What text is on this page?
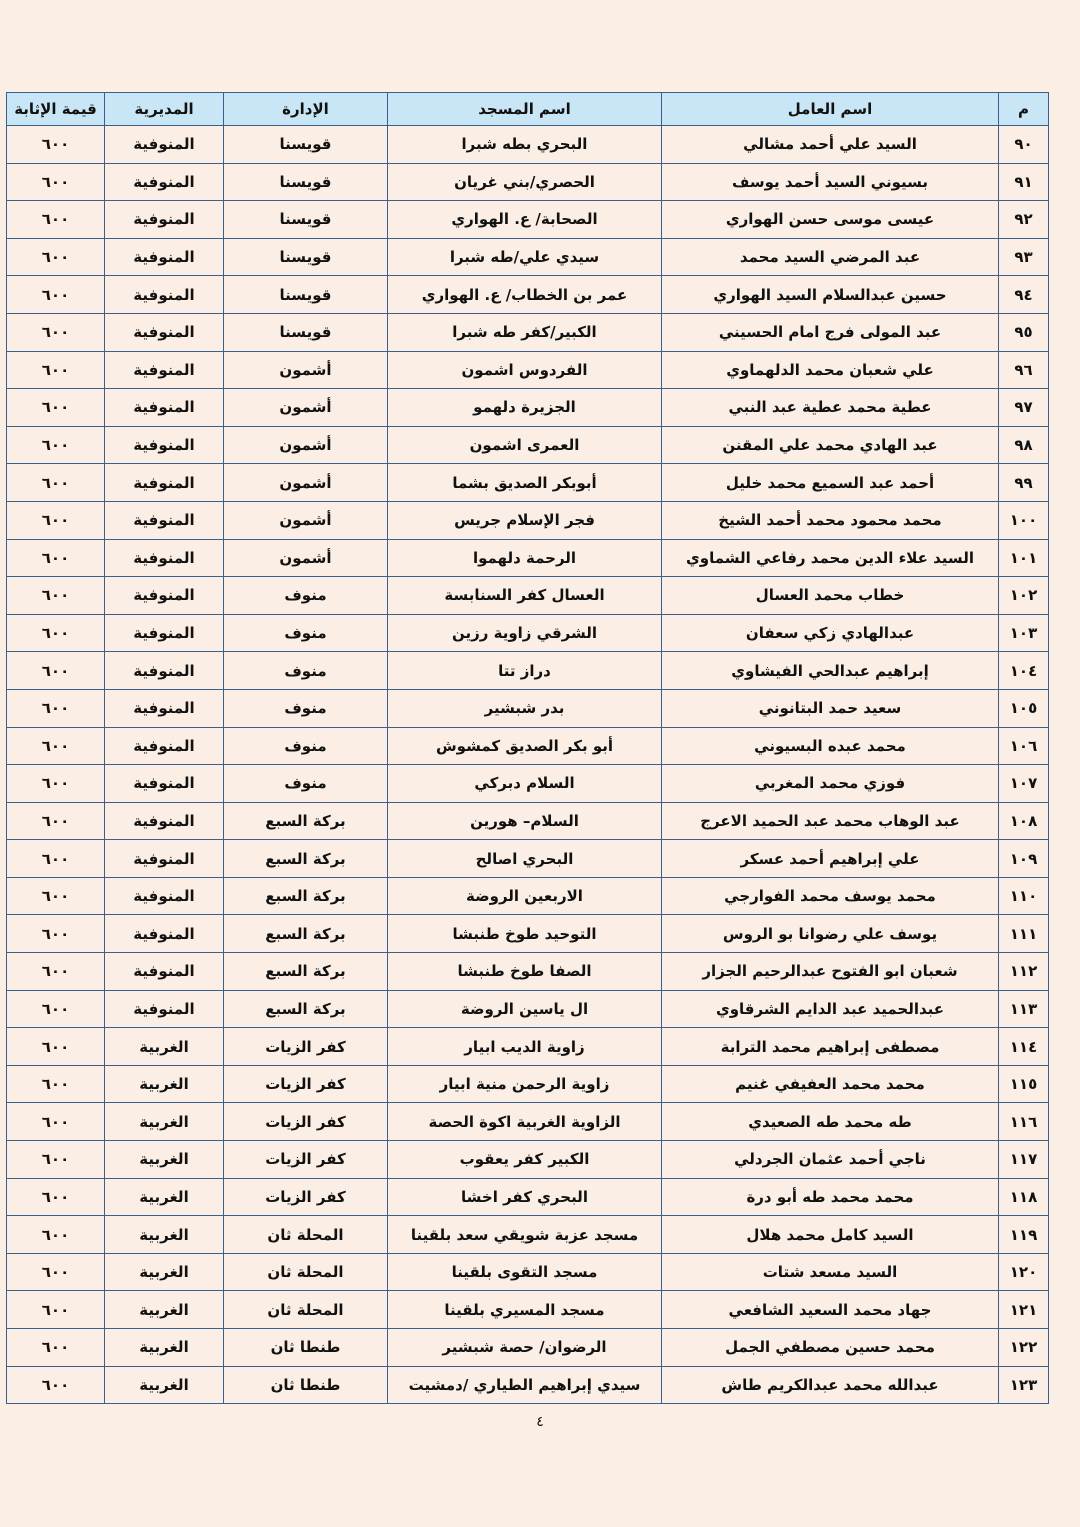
م	اسم العامل	اسم المسجد	الإدارة	المديرية	قيمة الإثابة
٩٠	السيد علي أحمد مشالي	البحري بطه شبرا	قويسنا	المنوفية	٦٠٠
٩١	بسيوني السيد أحمد يوسف	الحصري/بني غريان	قويسنا	المنوفية	٦٠٠
٩٢	عيسى موسى حسن الهواري	الصحابة/ ع. الهواري	قويسنا	المنوفية	٦٠٠
٩٣	عبد المرضي السيد محمد	سيدي علي/طه شبرا	قويسنا	المنوفية	٦٠٠
٩٤	حسين عبدالسلام السيد الهواري	عمر بن الخطاب/ ع. الهواري	قويسنا	المنوفية	٦٠٠
٩٥	عبد المولى فرج امام الحسيني	الكبير/كفر طه شبرا	قويسنا	المنوفية	٦٠٠
٩٦	علي شعبان محمد الدلهماوي	الفردوس اشمون	أشمون	المنوفية	٦٠٠
٩٧	عطية محمد عطية عبد النبي	الجزيرة دلهمو	أشمون	المنوفية	٦٠٠
٩٨	عبد الهادي محمد علي المقنن	العمرى اشمون	أشمون	المنوفية	٦٠٠
٩٩	أحمد عبد السميع محمد خليل	أبوبكر الصديق بشما	أشمون	المنوفية	٦٠٠
١٠٠	محمد محمود محمد أحمد الشيخ	فجر الإسلام جريس	أشمون	المنوفية	٦٠٠
١٠١	السيد علاء الدين محمد رفاعي الشماوي	الرحمة دلهموا	أشمون	المنوفية	٦٠٠
١٠٢	خطاب محمد العسال	العسال كفر السنابسة	منوف	المنوفية	٦٠٠
١٠٣	عبدالهادي زكي سعفان	الشرقي زاوية رزين	منوف	المنوفية	٦٠٠
١٠٤	إبراهيم عبدالحي الفيشاوي	دراز تتا	منوف	المنوفية	٦٠٠
١٠٥	سعيد حمد البتانوني	بدر شبشير	منوف	المنوفية	٦٠٠
١٠٦	محمد عبده البسيوني	أبو بكر الصديق كمشوش	منوف	المنوفية	٦٠٠
١٠٧	فوزي محمد المغربي	السلام دبركي	منوف	المنوفية	٦٠٠
١٠٨	عبد الوهاب محمد عبد الحميد الاعرج	السلام– هورين	بركة السبع	المنوفية	٦٠٠
١٠٩	علي إبراهيم أحمد عسكر	البحري اصالح	بركة السبع	المنوفية	٦٠٠
١١٠	محمد يوسف محمد الفوارجي	الاربعين الروضة	بركة السبع	المنوفية	٦٠٠
١١١	يوسف علي رضوانا بو الروس	التوحيد طوخ طنبشا	بركة السبع	المنوفية	٦٠٠
١١٢	شعبان ابو الفتوح عبدالرحيم الجزار	الصفا طوخ طنبشا	بركة السبع	المنوفية	٦٠٠
١١٣	عبدالحميد عبد الدايم الشرقاوي	ال ياسين الروضة	بركة السبع	المنوفية	٦٠٠
١١٤	مصطفى إبراهيم محمد الترابة	زاوية الديب ابيار	كفر الزيات	الغربية	٦٠٠
١١٥	محمد محمد العفيفي غنيم	زاوية الرحمن منية ابيار	كفر الزيات	الغربية	٦٠٠
١١٦	طه محمد طه الصعيدي	الزاوية الغربية اكوة الحصة	كفر الزيات	الغربية	٦٠٠
١١٧	ناجي أحمد عثمان الجردلي	الكبير كفر يعقوب	كفر الزيات	الغربية	٦٠٠
١١٨	محمد محمد طه أبو درة	البحري كفر اخشا	كفر الزيات	الغربية	٦٠٠
١١٩	السيد كامل محمد هلال	مسجد عزبة شويقي سعد بلقينا	المحلة ثان	الغربية	٦٠٠
١٢٠	السيد مسعد شتات	مسجد التقوى بلقينا	المحلة ثان	الغربية	٦٠٠
١٢١	جهاد محمد السعيد الشافعي	مسجد المسيري بلقينا	المحلة ثان	الغربية	٦٠٠
١٢٢	محمد حسين مصطفي الجمل	الرضوان/ حصة شبشير	طنطا ثان	الغربية	٦٠٠
١٢٣	عبدالله محمد عبدالكريم طاش	سيدي إبراهيم الطياري /دمشيت	طنطا ثان	الغربية	٦٠٠
٤
